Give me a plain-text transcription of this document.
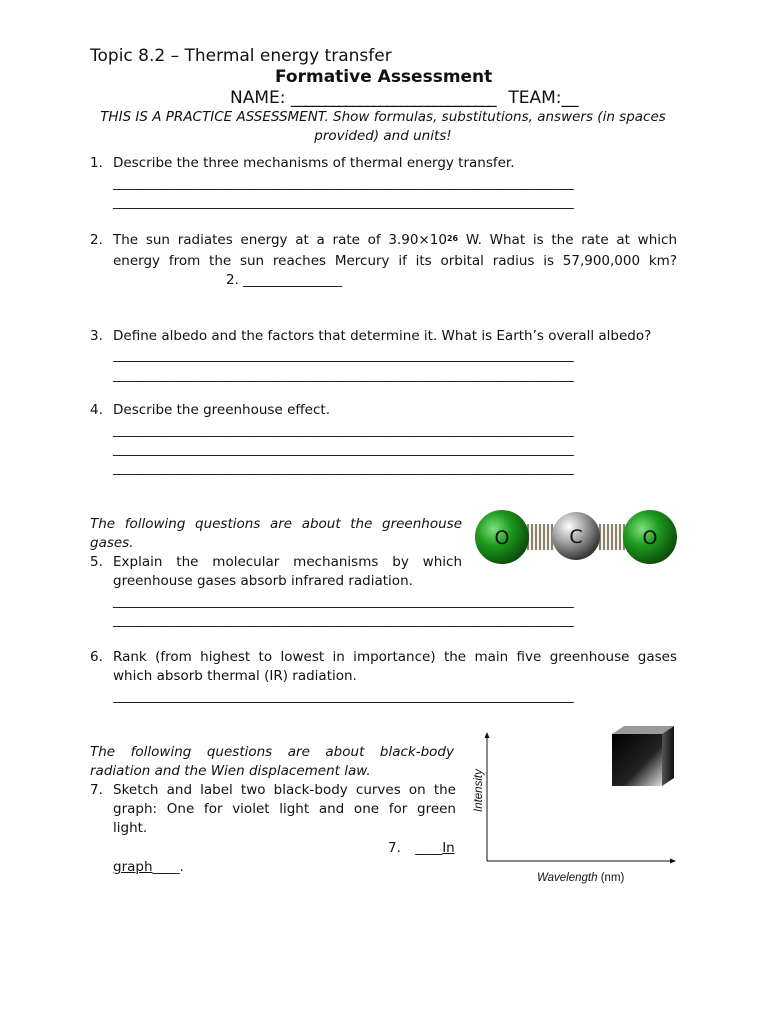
Topic 8.2 – Thermal energy transfer
Formative Assessment
NAME: ______________________________ TEAM:__
THIS IS A PRACTICE ASSESSMENT. Show formulas, substitutions, answers (in spaces provided) and units!
1. Describe the three mechanisms of thermal energy transfer.
______________________________________________________________________________
______________________________________________________________________________
2. The sun radiates energy at a rate of $3.90\times 10^{26}$ W. What is the rate at which
energy from the sun reaches Mercury if its orbital radius is 57,900,000 km?
2. ________________
3. Define albedo and the factors that determine it. What is Earth’s overall albedo?
______________________________________________________________________________
______________________________________________________________________________
4. Describe the greenhouse effect.
______________________________________________________________________________
______________________________________________________________________________
______________________________________________________________________________
The following questions are about the greenhouse
gases.	O	C	O
5. Explain the molecular mechanisms by which
greenhouse gases absorb infrared radiation.
______________________________________________________________________________
______________________________________________________________________________
6. Rank (from highest to lowest in importance) the main five greenhouse gases
which absorb thermal (IR) radiation.
______________________________________________________________________________
The following questions are about black-body
radiation and the Wien displacement law.
7. Sketch and label two black-body curves on the
graph: One for violet light and one for green
light.
7. ____In
graph____.
Intensity
Wavelength (nm)
